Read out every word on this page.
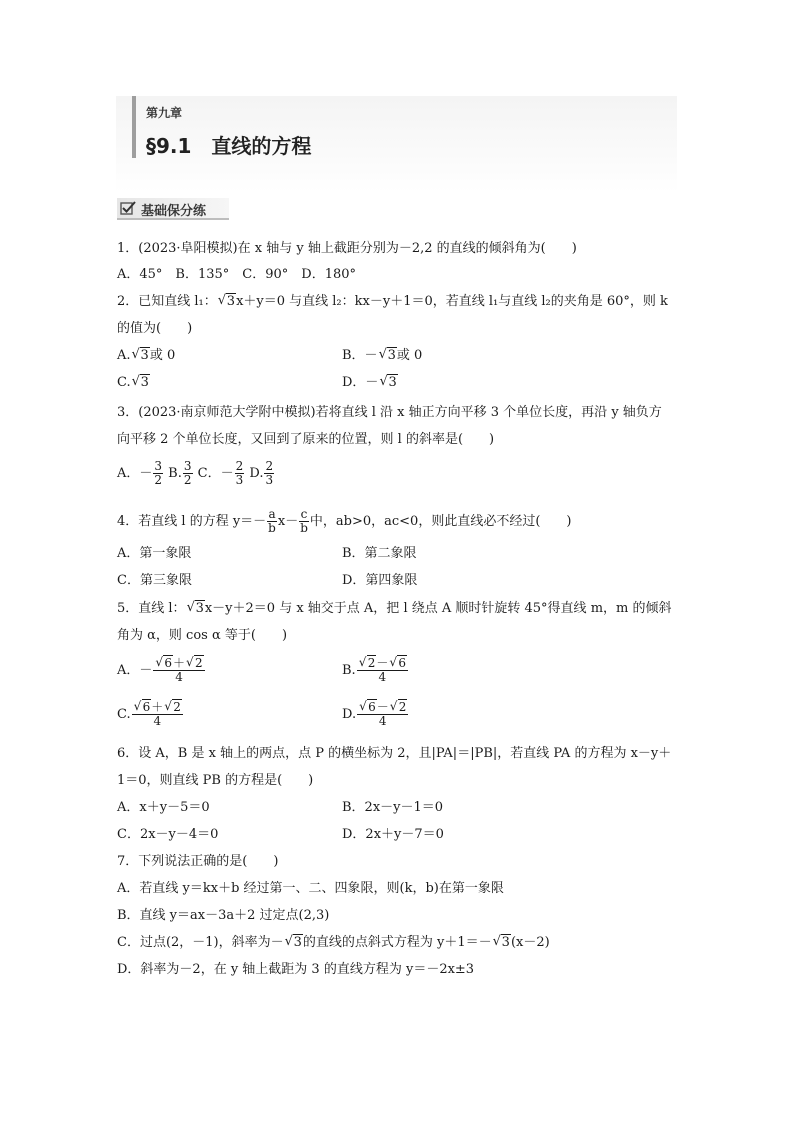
第九章
§9.1　直线的方程
基础保分练
1．(2023·阜阳模拟)在 x 轴与 y 轴上截距分别为－2,2 的直线的倾斜角为(　　)
A．45°　B．135°　C．90°　D．180°
2．已知直线 l₁： √ 3x＋y＝0 与直线 l₂：kx－y＋1＝0，若直线 l₁与直线 l₂的夹角是 60°，则 k
的值为(　　)
A. √ 3或 0	B．－ √ 3或 0
C. √ 3	D．－ √ 3
3．(2023·南京师范大学附中模拟)若将直线 l 沿 x 轴正方向平移 3 个单位长度，再沿 y 轴负方
向平移 2 个单位长度，又回到了原来的位置，则 l 的斜率是(　　)
A．－ $\frac{3}{2} B$. $\frac{3}{2}$ C．－ $\frac{2}{3} D$. $\frac{2}{3}$
4．若直线 l 的方程 $y=- \frac{a}{b} x- \frac{c}{b}$ 中，ab>0，ac<0，则此直线必不经过(　　)
A．第一象限	B．第二象限
C．第三象限	D．第四象限
5．直线 l： √ 3x－y＋2＝0 与 x 轴交于点 A，把 l 绕点 A 顺时针旋转 45°得直线 m，m 的倾斜
角为 α，则 cos α 等于(　　)
A．－ √ $\frac{6+ √ 2}{4}$	B. √ $\frac{2- √ 6}{4}$
C. √ $\frac{6+ √ 2}{4}$	D. √ $\frac{6- √ 2}{4}$
6．设 A，B 是 x 轴上的两点，点 P 的横坐标为 2，且|PA|＝|PB|，若直线 PA 的方程为 x－y＋
1＝0，则直线 PB 的方程是(　　)
A．x＋y－5＝0	B．2x－y－1＝0
C．2x－y－4＝0	D．2x＋y－7＝0
7．下列说法正确的是(　　)
A．若直线 y＝kx＋b 经过第一、二、四象限，则(k，b)在第一象限
B．直线 y＝ax－3a＋2 过定点(2,3)
C．过点(2，－1)，斜率为－ √ 3的直线的点斜式方程为 y＋1＝－ √ 3(x－2)
D．斜率为－2，在 y 轴上截距为 3 的直线方程为 y＝－2x±3
